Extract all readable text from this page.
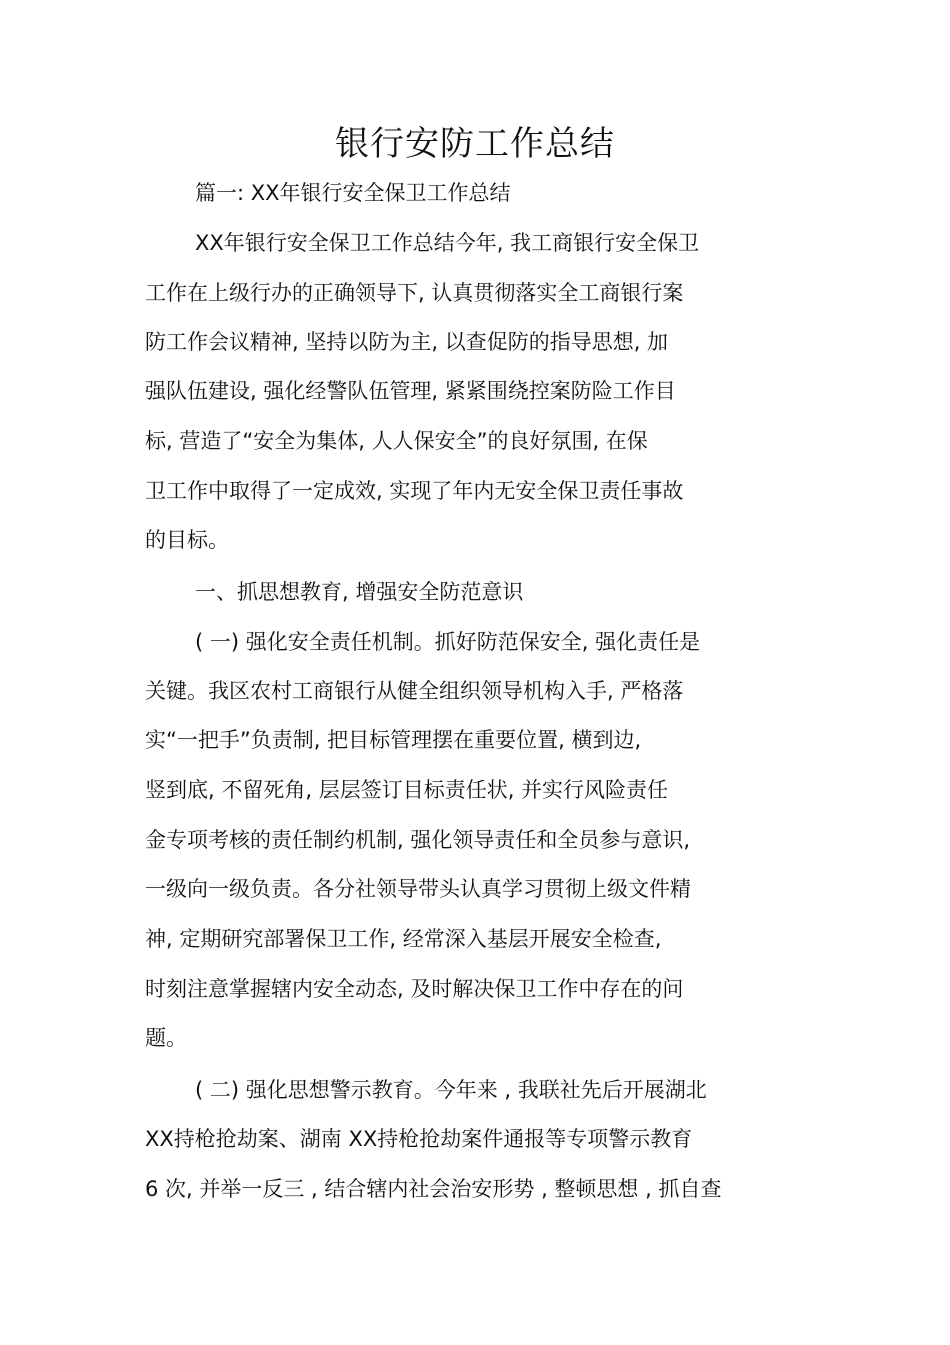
银行安防工作总结
篇一: XX年银行安全保卫工作总结
XX年银行安全保卫工作总结今年, 我工商银行安全保卫
工作在上级行办的正确领导下, 认真贯彻落实全工商银行案
防工作会议精神, 坚持以防为主, 以查促防的指导思想, 加
强队伍建设, 强化经警队伍管理, 紧紧围绕控案防险工作目
标, 营造了“安全为集体, 人人保安全”的良好氛围, 在保
卫工作中取得了一定成效, 实现了年内无安全保卫责任事故
的目标。
一、抓思想教育, 增强安全防范意识
( 一) 强化安全责任机制。抓好防范保安全, 强化责任是
关键。我区农村工商银行从健全组织领导机构入手, 严格落
实“一把手”负责制, 把目标管理摆在重要位置, 横到边,
竖到底, 不留死角, 层层签订目标责任状, 并实行风险责任
金专项考核的责任制约机制, 强化领导责任和全员参与意识,
一级向一级负责。各分社领导带头认真学习贯彻上级文件精
神, 定期研究部署保卫工作, 经常深入基层开展安全检查,
时刻注意掌握辖内安全动态, 及时解决保卫工作中存在的问
题。
( 二) 强化思想警示教育。今年来 , 我联社先后开展湖北
XX持枪抢劫案、湖南 XX持枪抢劫案件通报等专项警示教育
6 次, 并举一反三 , 结合辖内社会治安形势 , 整顿思想 , 抓自查
